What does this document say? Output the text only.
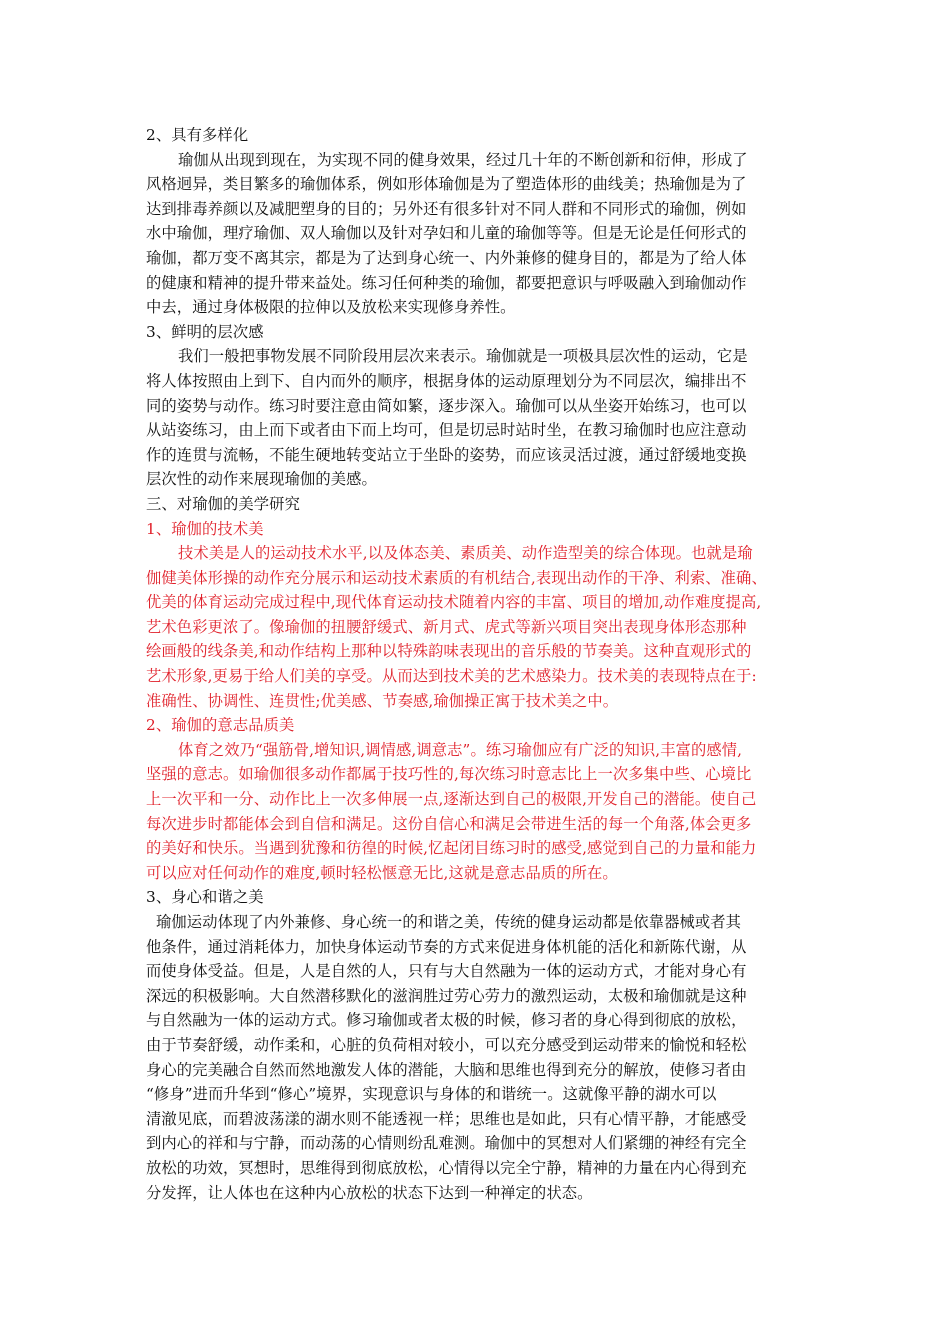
2、具有多样化
瑜伽从出现到现在，为实现不同的健身效果，经过几十年的不断创新和衍伸，形成了
风格迥异，类目繁多的瑜伽体系，例如形体瑜伽是为了塑造体形的曲线美；热瑜伽是为了
达到排毒养颜以及减肥塑身的目的；另外还有很多针对不同人群和不同形式的瑜伽，例如
水中瑜伽，理疗瑜伽、双人瑜伽以及针对孕妇和儿童的瑜伽等等。但是无论是任何形式的
瑜伽，都万变不离其宗，都是为了达到身心统一、内外兼修的健身目的，都是为了给人体
的健康和精神的提升带来益处。练习任何种类的瑜伽，都要把意识与呼吸融入到瑜伽动作
中去，通过身体极限的拉伸以及放松来实现修身养性。
3、鲜明的层次感
我们一般把事物发展不同阶段用层次来表示。瑜伽就是一项极具层次性的运动，它是
将人体按照由上到下、自内而外的顺序，根据身体的运动原理划分为不同层次，编排出不
同的姿势与动作。练习时要注意由简如繁，逐步深入。瑜伽可以从坐姿开始练习，也可以
从站姿练习，由上而下或者由下而上均可，但是切忌时站时坐，在教习瑜伽时也应注意动
作的连贯与流畅，不能生硬地转变站立于坐卧的姿势，而应该灵活过渡，通过舒缓地变换
层次性的动作来展现瑜伽的美感。
三、对瑜伽的美学研究
1、瑜伽的技术美
技术美是人的运动技术水平,以及体态美、素质美、动作造型美的综合体现。也就是瑜
伽健美体形操的动作充分展示和运动技术素质的有机结合,表现出动作的干净、利索、准确、
优美的体育运动完成过程中,现代体育运动技术随着内容的丰富、项目的增加,动作难度提高,
艺术色彩更浓了。像瑜伽的扭腰舒缓式、新月式、虎式等新兴项目突出表现身体形态那种
绘画般的线条美,和动作结构上那种以特殊韵味表现出的音乐般的节奏美。这种直观形式的
艺术形象,更易于给人们美的享受。从而达到技术美的艺术感染力。技术美的表现特点在于:
准确性、协调性、连贯性;优美感、节奏感,瑜伽操正寓于技术美之中。
2、瑜伽的意志品质美
体育之效乃“强筋骨,增知识,调情感,调意志”。练习瑜伽应有广泛的知识,丰富的感情,
坚强的意志。如瑜伽很多动作都属于技巧性的,每次练习时意志比上一次多集中些、心境比
上一次平和一分、动作比上一次多伸展一点,逐渐达到自己的极限,开发自己的潜能。使自己
每次进步时都能体会到自信和满足。这份自信心和满足会带进生活的每一个角落,体会更多
的美好和快乐。当遇到犹豫和彷徨的时候,忆起闭目练习时的感受,感觉到自己的力量和能力
可以应对任何动作的难度,顿时轻松惬意无比,这就是意志品质的所在。
3、身心和谐之美
瑜伽运动体现了内外兼修、身心统一的和谐之美，传统的健身运动都是依靠器械或者其
他条件，通过消耗体力，加快身体运动节奏的方式来促进身体机能的活化和新陈代谢，从
而使身体受益。但是，人是自然的人，只有与大自然融为一体的运动方式，才能对身心有
深远的积极影响。大自然潜移默化的滋润胜过劳心劳力的激烈运动，太极和瑜伽就是这种
与自然融为一体的运动方式。修习瑜伽或者太极的时候，修习者的身心得到彻底的放松，
由于节奏舒缓，动作柔和，心脏的负荷相对较小，可以充分感受到运动带来的愉悦和轻松
身心的完美融合自然而然地激发人体的潜能，大脑和思维也得到充分的解放，使修习者由
“修身”进而升华到“修心”境界，实现意识与身体的和谐统一。这就像平静的湖水可以
清澈见底，而碧波荡漾的湖水则不能透视一样；思维也是如此，只有心情平静，才能感受
到内心的祥和与宁静，而动荡的心情则纷乱难测。瑜伽中的冥想对人们紧绷的神经有完全
放松的功效，冥想时，思维得到彻底放松，心情得以完全宁静，精神的力量在内心得到充
分发挥，让人体也在这种内心放松的状态下达到一种禅定的状态。
